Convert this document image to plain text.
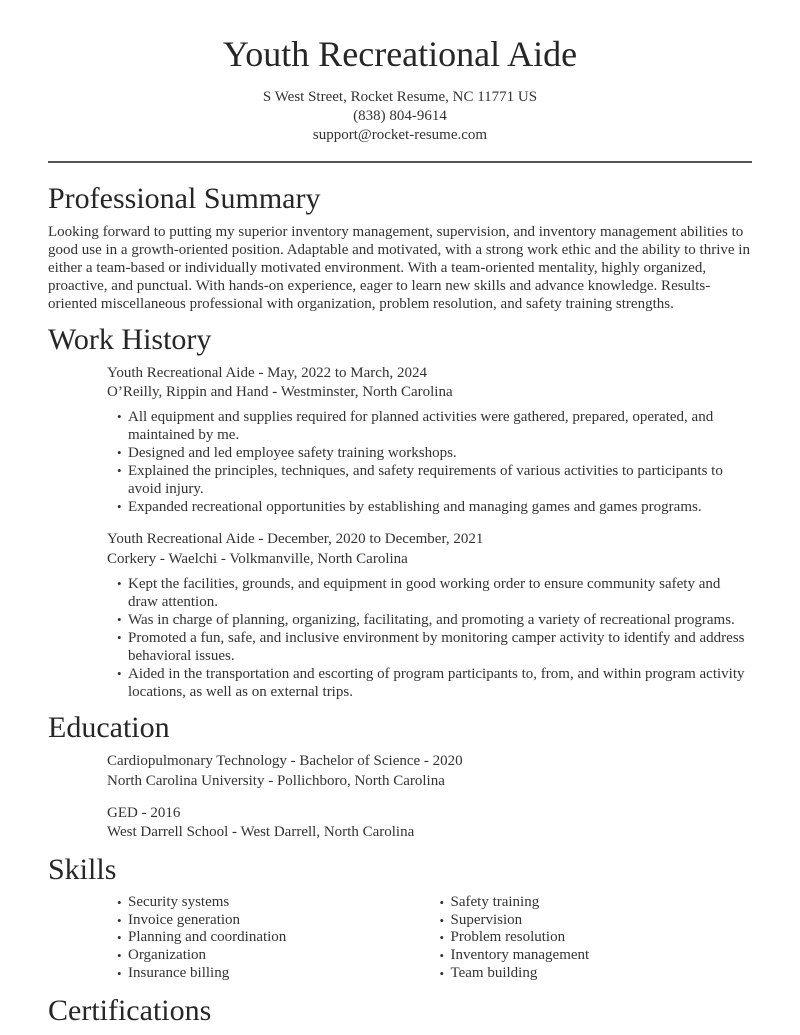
Youth Recreational Aide

S West Street, Rocket Resume, NC 11771 US

(838) 804-9614

support@rocket-resume.com

Professional Summary

Looking forward to putting my superior inventory management, supervision, and inventory management abilities to good use in a growth-oriented position. Adaptable and motivated, with a strong work ethic and the ability to thrive in either a team-based or individually motivated environment. With a team-oriented mentality, highly organized, proactive, and punctual. With hands-on experience, eager to learn new skills and advance knowledge. Results-oriented miscellaneous professional with organization, problem resolution, and safety training strengths.

Work History

Youth Recreational Aide - May, 2022 to March, 2024

O’Reilly, Rippin and Hand - Westminster, North Carolina

• All equipment and supplies required for planned activities were gathered, prepared, operated, and maintained by me.
• Designed and led employee safety training workshops.
• Explained the principles, techniques, and safety requirements of various activities to participants to avoid injury.
• Expanded recreational opportunities by establishing and managing games and games programs.

Youth Recreational Aide - December, 2020 to December, 2021

Corkery - Waelchi - Volkmanville, North Carolina

• Kept the facilities, grounds, and equipment in good working order to ensure community safety and draw attention.
• Was in charge of planning, organizing, facilitating, and promoting a variety of recreational programs.
• Promoted a fun, safe, and inclusive environment by monitoring camper activity to identify and address behavioral issues.
• Aided in the transportation and escorting of program participants to, from, and within program activity locations, as well as on external trips.
Education

Cardiopulmonary Technology - Bachelor of Science - 2020

North Carolina University - Pollichboro, North Carolina

GED - 2016

West Darrell School - West Darrell, North Carolina

Skills
• Security systems
• Invoice generation
• Planning and coordination
• Organization
• Insurance billing
• Safety training
• Supervision
• Problem resolution
• Inventory management
• Team building
Certifications
